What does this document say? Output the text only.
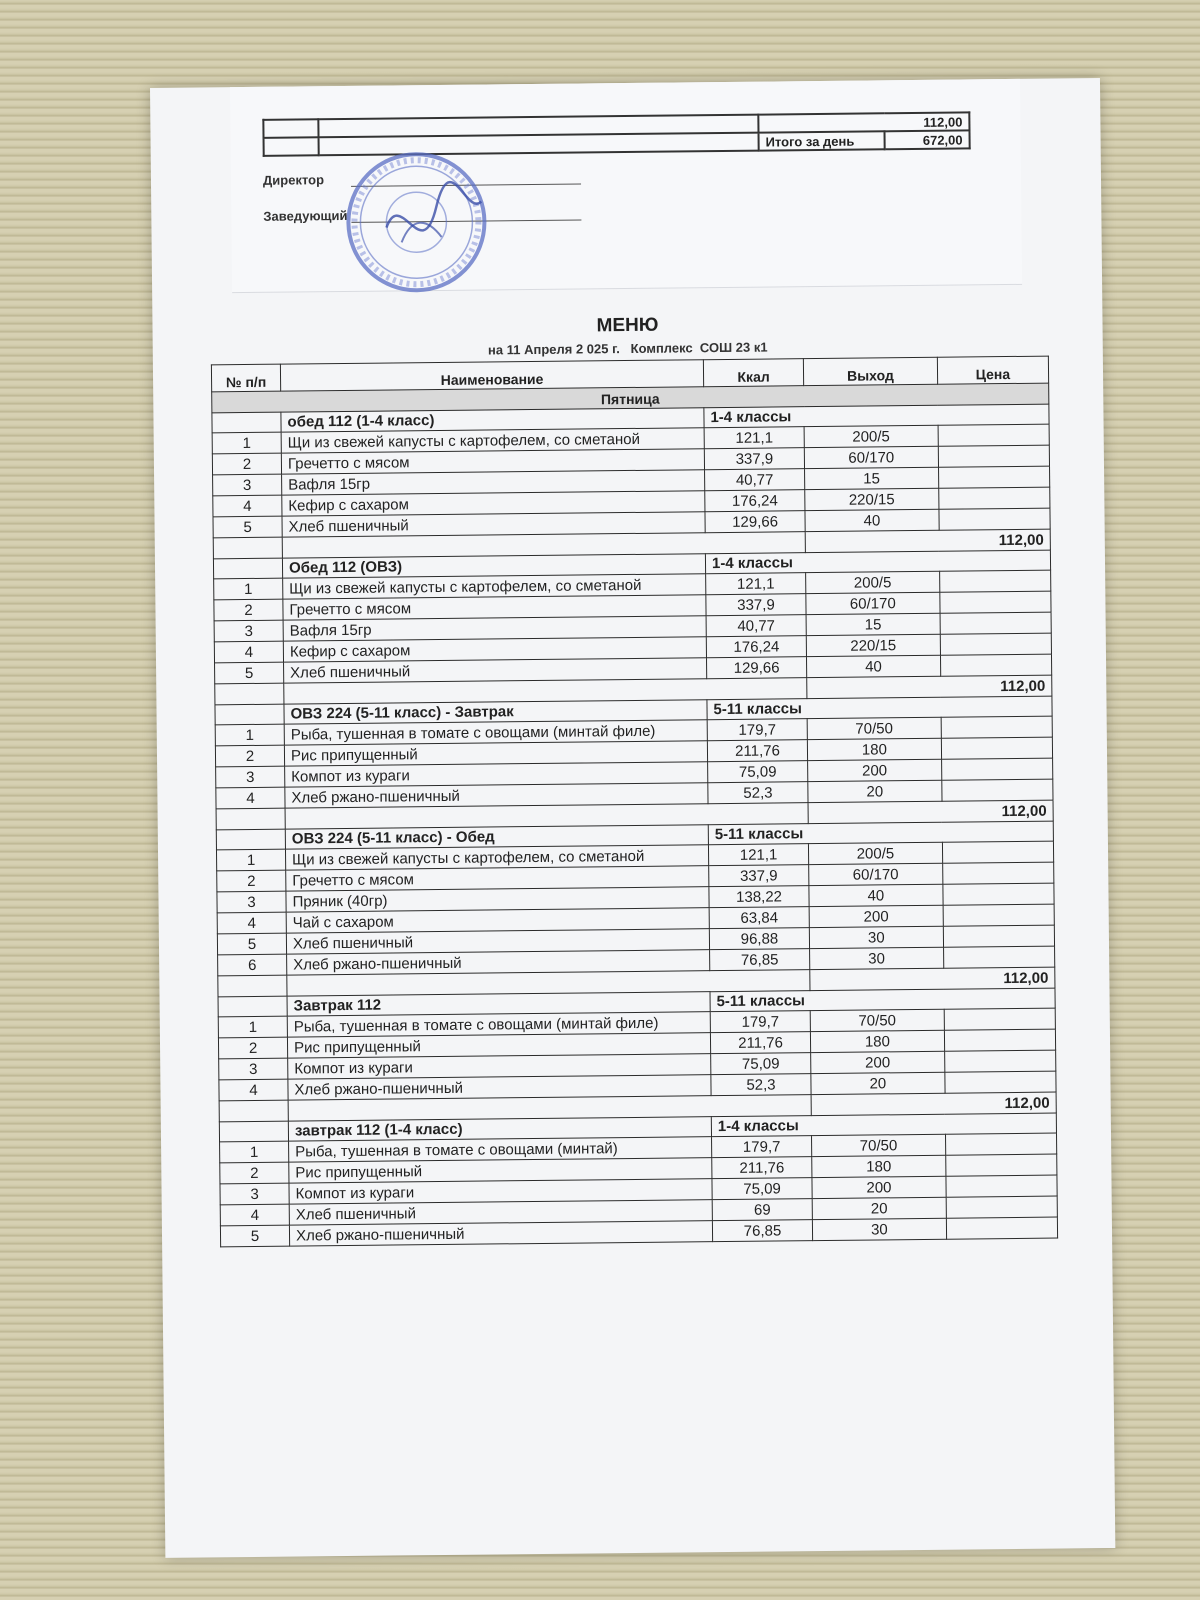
		112,00	
		Итого за день	672,00
Директор
Заведующий
МЕНЮ
на 11 Апреля 2 025 г.   Комплекс  СОШ 23 к1
№ п/п	Наименование	Ккал	Выход	Цена
Пятница				
	обед 112 (1-4 класс)	1-4 классы		
1	Щи из свежей капусты с картофелем, со сметаной	121,1	200/5	
2	Гречетто с мясом	337,9	60/170	
3	Вафля 15гр	40,77	15	
4	Кефир с сахаром	176,24	220/15	
5	Хлеб пшеничный	129,66	40	
			112,00	
	Обед 112 (ОВЗ)	1-4 классы		
1	Щи из свежей капусты с картофелем, со сметаной	121,1	200/5	
2	Гречетто с мясом	337,9	60/170	
3	Вафля 15гр	40,77	15	
4	Кефир с сахаром	176,24	220/15	
5	Хлеб пшеничный	129,66	40	
			112,00	
	ОВЗ 224 (5-11 класс) - Завтрак	5-11 классы		
1	Рыба, тушенная в томате с овощами (минтай филе)	179,7	70/50	
2	Рис припущенный	211,76	180	
3	Компот из кураги	75,09	200	
4	Хлеб ржано-пшеничный	52,3	20	
			112,00	
	ОВЗ 224 (5-11 класс) - Обед	5-11 классы		
1	Щи из свежей капусты с картофелем, со сметаной	121,1	200/5	
2	Гречетто с мясом	337,9	60/170	
3	Пряник (40гр)	138,22	40	
4	Чай с сахаром	63,84	200	
5	Хлеб пшеничный	96,88	30	
6	Хлеб ржано-пшеничный	76,85	30	
			112,00	
	Завтрак 112	5-11 классы		
1	Рыба, тушенная в томате с овощами (минтай филе)	179,7	70/50	
2	Рис припущенный	211,76	180	
3	Компот из кураги	75,09	200	
4	Хлеб ржано-пшеничный	52,3	20	
			112,00	
	завтрак 112 (1-4 класс)	1-4 классы		
1	Рыба, тушенная в томате с овощами (минтай)	179,7	70/50	
2	Рис припущенный	211,76	180	
3	Компот из кураги	75,09	200	
4	Хлеб пшеничный	69	20	
5	Хлеб ржано-пшеничный	76,85	30	
